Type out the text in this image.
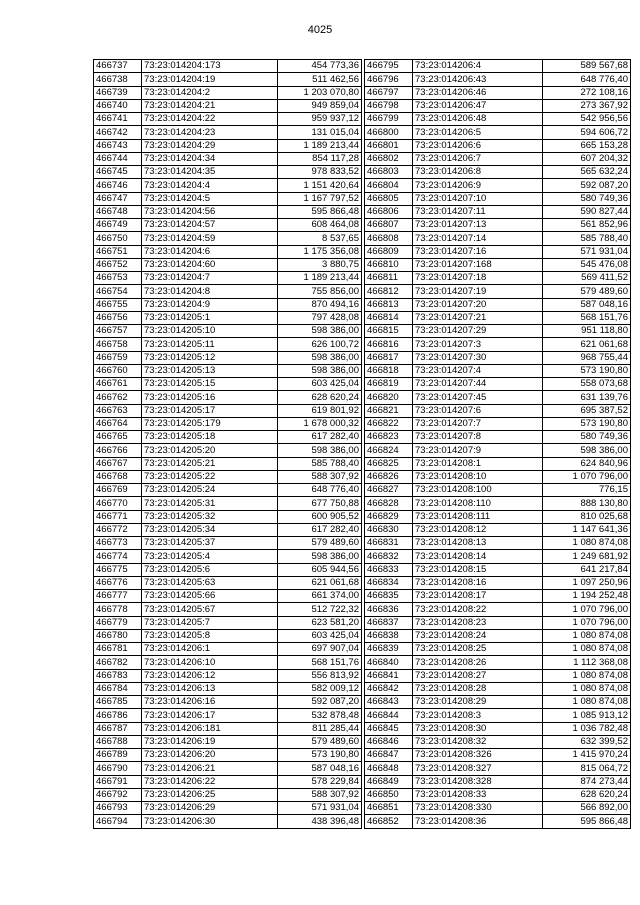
4025
466737	73:23:014204:173	454 773,36
466738	73:23:014204:19	511 462,56
466739	73:23:014204:2	1 203 070,80
466740	73:23:014204:21	949 859,04
466741	73:23:014204:22	959 937,12
466742	73:23:014204:23	131 015,04
466743	73:23:014204:29	1 189 213,44
466744	73:23:014204:34	854 117,28
466745	73:23:014204:35	978 833,52
466746	73:23:014204:4	1 151 420,64
466747	73:23:014204:5	1 167 797,52
466748	73:23:014204:56	595 866,48
466749	73:23:014204:57	608 464,08
466750	73:23:014204:59	8 537,65
466751	73:23:014204:6	1 175 356,08
466752	73:23:014204:60	3 880,75
466753	73:23:014204:7	1 189 213,44
466754	73:23:014204:8	755 856,00
466755	73:23:014204:9	870 494,16
466756	73:23:014205:1	797 428,08
466757	73:23:014205:10	598 386,00
466758	73:23:014205:11	626 100,72
466759	73:23:014205:12	598 386,00
466760	73:23:014205:13	598 386,00
466761	73:23:014205:15	603 425,04
466762	73:23:014205:16	628 620,24
466763	73:23:014205:17	619 801,92
466764	73:23:014205:179	1 678 000,32
466765	73:23:014205:18	617 282,40
466766	73:23:014205:20	598 386,00
466767	73:23:014205:21	585 788,40
466768	73:23:014205:22	588 307,92
466769	73:23:014205:24	648 776,40
466770	73:23:014205:31	677 750,88
466771	73:23:014205:32	600 905,52
466772	73:23:014205:34	617 282,40
466773	73:23:014205:37	579 489,60
466774	73:23:014205:4	598 386,00
466775	73:23:014205:6	605 944,56
466776	73:23:014205:63	621 061,68
466777	73:23:014205:66	661 374,00
466778	73:23:014205:67	512 722,32
466779	73:23:014205:7	623 581,20
466780	73:23:014205:8	603 425,04
466781	73:23:014206:1	697 907,04
466782	73:23:014206:10	568 151,76
466783	73:23:014206:12	556 813,92
466784	73:23:014206:13	582 009,12
466785	73:23:014206:16	592 087,20
466786	73:23:014206:17	532 878,48
466787	73:23:014206:181	811 285,44
466788	73:23:014206:19	579 489,60
466789	73:23:014206:20	573 190,80
466790	73:23:014206:21	587 048,16
466791	73:23:014206:22	578 229,84
466792	73:23:014206:25	588 307,92
466793	73:23:014206:29	571 931,04
466794	73:23:014206:30	438 396,48
466795	73:23:014206:4	589 567,68
466796	73:23:014206:43	648 776,40
466797	73:23:014206:46	272 108,16
466798	73:23:014206:47	273 367,92
466799	73:23:014206:48	542 956,56
466800	73:23:014206:5	594 606,72
466801	73:23:014206:6	665 153,28
466802	73:23:014206:7	607 204,32
466803	73:23:014206:8	565 632,24
466804	73:23:014206:9	592 087,20
466805	73:23:014207:10	580 749,36
466806	73:23:014207:11	590 827,44
466807	73:23:014207:13	561 852,96
466808	73:23:014207:14	585 788,40
466809	73:23:014207:16	571 931,04
466810	73:23:014207:168	545 476,08
466811	73:23:014207:18	569 411,52
466812	73:23:014207:19	579 489,60
466813	73:23:014207:20	587 048,16
466814	73:23:014207:21	568 151,76
466815	73:23:014207:29	951 118,80
466816	73:23:014207:3	621 061,68
466817	73:23:014207:30	968 755,44
466818	73:23:014207:4	573 190,80
466819	73:23:014207:44	558 073,68
466820	73:23:014207:45	631 139,76
466821	73:23:014207:6	695 387,52
466822	73:23:014207:7	573 190,80
466823	73:23:014207:8	580 749,36
466824	73:23:014207:9	598 386,00
466825	73:23:014208:1	624 840,96
466826	73:23:014208:10	1 070 796,00
466827	73:23:014208:100	776,15
466828	73:23:014208:110	888 130,80
466829	73:23:014208:111	810 025,68
466830	73:23:014208:12	1 147 641,36
466831	73:23:014208:13	1 080 874,08
466832	73:23:014208:14	1 249 681,92
466833	73:23:014208:15	641 217,84
466834	73:23:014208:16	1 097 250,96
466835	73:23:014208:17	1 194 252,48
466836	73:23:014208:22	1 070 796,00
466837	73:23:014208:23	1 070 796,00
466838	73:23:014208:24	1 080 874,08
466839	73:23:014208:25	1 080 874,08
466840	73:23:014208:26	1 112 368,08
466841	73:23:014208:27	1 080 874,08
466842	73:23:014208:28	1 080 874,08
466843	73:23:014208:29	1 080 874,08
466844	73:23:014208:3	1 085 913,12
466845	73:23:014208:30	1 036 782,48
466846	73:23:014208:32	632 399,52
466847	73:23:014208:326	1 415 970,24
466848	73:23:014208:327	815 064,72
466849	73:23:014208:328	874 273,44
466850	73:23:014208:33	628 620,24
466851	73:23:014208:330	566 892,00
466852	73:23:014208:36	595 866,48
